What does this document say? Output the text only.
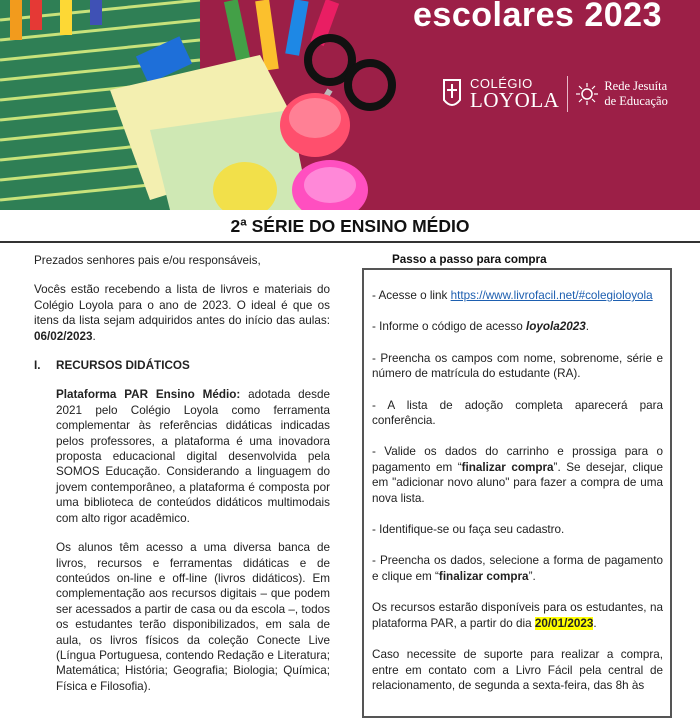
escolares 2023
COLÉGIO
LOYOLA
Rede Jesuíta
de Educação
2ª SÉRIE DO ENSINO MÉDIO

Prezados senhores pais e/ou responsáveis,

Vocês estão recebendo a lista de livros e materiais do Colégio Loyola para o ano de 2023. O ideal é que os itens da lista sejam adquiridos antes do início das aulas: 06/02/2023.

I.	RECURSOS DIDÁTICOS

Plataforma PAR Ensino Médio: adotada desde 2021 pelo Colégio Loyola como ferramenta complementar às referências didáticas indicadas pelos professores, a plataforma é uma inovadora proposta educacional digital desenvolvida pela SOMOS Educação. Considerando a linguagem do jovem contemporâneo, a plataforma é composta por uma biblioteca de conteúdos didáticos multimodais com alto rigor acadêmico.

Os alunos têm acesso a uma diversa banca de livros, recursos e ferramentas didáticas e de conteúdos on-line e off-line (livros didáticos). Em complementação aos recursos digitais – que podem ser acessados a partir de casa ou da escola –, todos os estudantes terão disponibilizados, em sala de aula, os livros físicos da coleção Conecte Live (Língua Portuguesa, contendo Redação e Literatura; Matemática; História; Geografia; Biologia; Química; Física e Filosofia).

Passo a passo para compra

- Acesse o link https://www.livrofacil.net/#colegioloyola

- Informe o código de acesso loyola2023.

- Preencha os campos com nome, sobrenome, série e número de matrícula do estudante (RA).

- A lista de adoção completa aparecerá para conferência.

- Valide os dados do carrinho e prossiga para o pagamento em “finalizar compra”. Se desejar, clique em "adicionar novo aluno" para fazer a compra de uma nova lista.

- Identifique-se ou faça seu cadastro.

- Preencha os dados, selecione a forma de pagamento e clique em “finalizar compra”.

Os recursos estarão disponíveis para os estudantes, na plataforma PAR, a partir do dia 20/01/2023.

Caso necessite de suporte para realizar a compra, entre em contato com a Livro Fácil pela central de relacionamento, de segunda a sexta-feira, das 8h às
